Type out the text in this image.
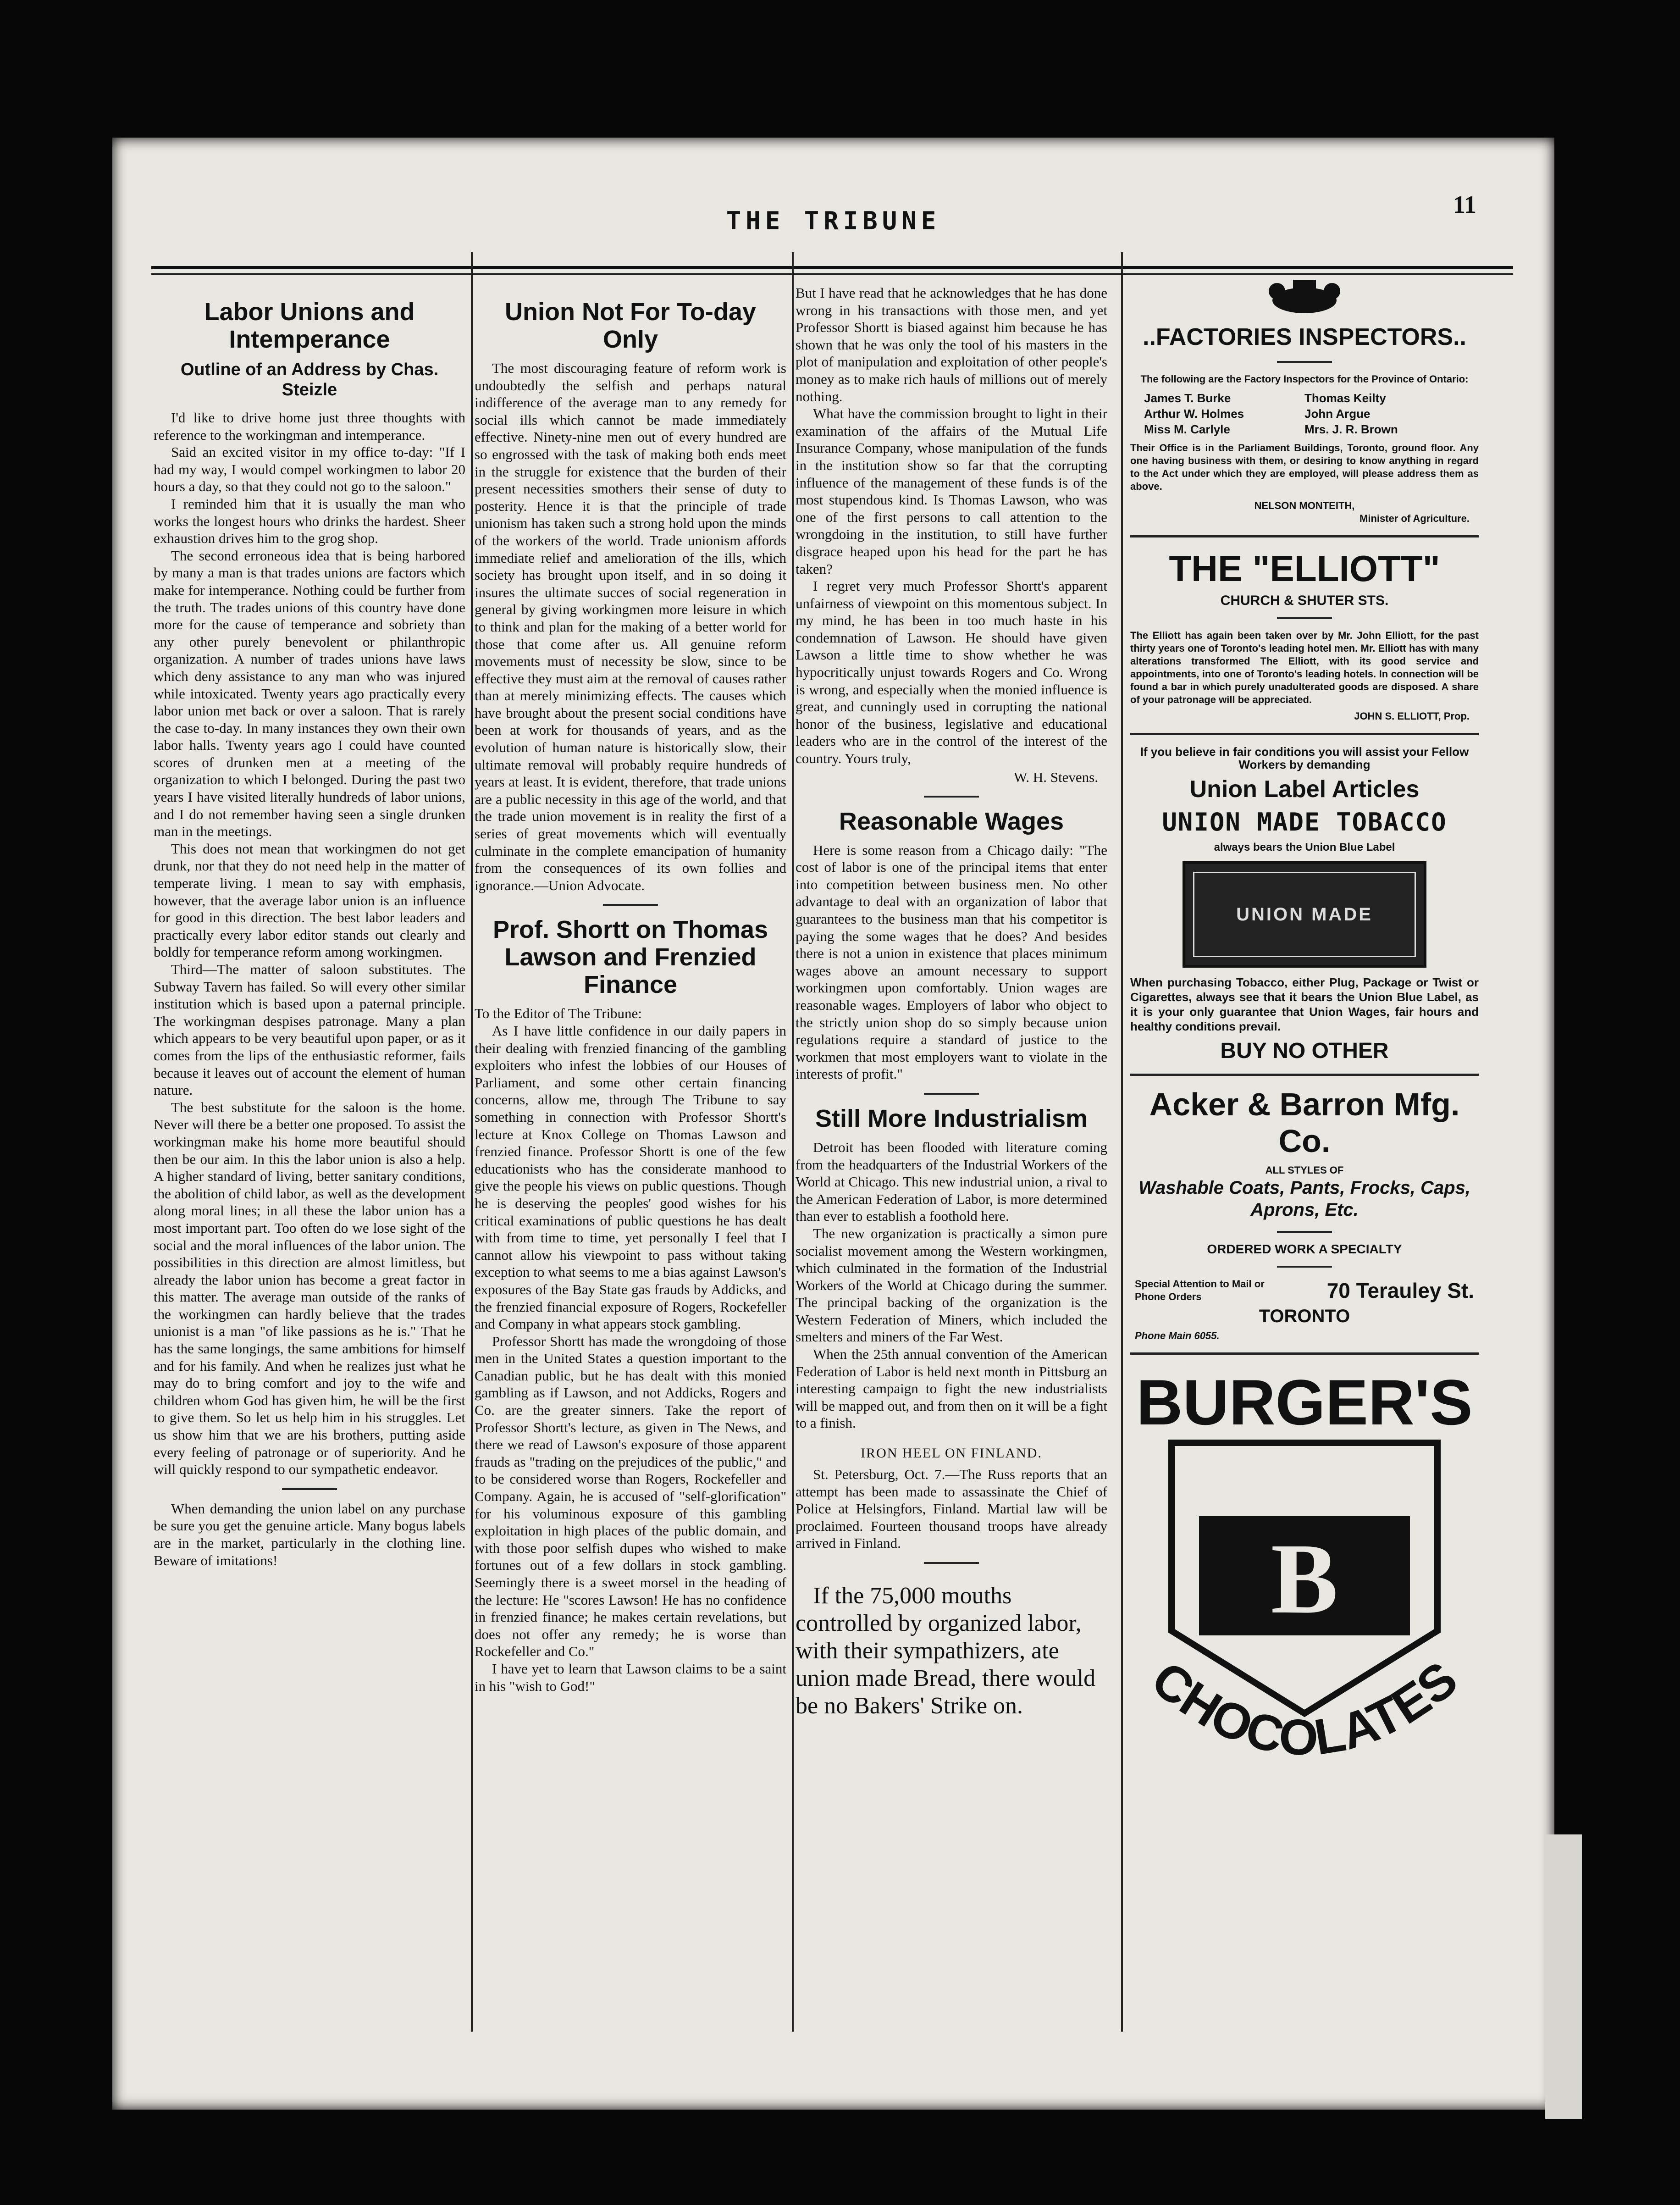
THE TRIBUNE
11
Labor Unions and Intemperance
Outline of an Address by Chas. Steizle

I'd like to drive home just three thoughts with reference to the workingman and intemperance.

Said an excited visitor in my office to-day: "If I had my way, I would compel workingmen to labor 20 hours a day, so that they could not go to the saloon."

I reminded him that it is usually the man who works the longest hours who drinks the hardest. Sheer exhaustion drives him to the grog shop.

The second erroneous idea that is being harbored by many a man is that trades unions are factors which make for intemperance. Nothing could be further from the truth. The trades unions of this country have done more for the cause of temperance and sobriety than any other purely benevolent or philanthropic organization. A number of trades unions have laws which deny assistance to any man who was injured while intoxicated. Twenty years ago practically every labor union met back or over a saloon. That is rarely the case to-day. In many instances they own their own labor halls. Twenty years ago I could have counted scores of drunken men at a meeting of the organization to which I belonged. During the past two years I have visited literally hundreds of labor unions, and I do not remember having seen a single drunken man in the meetings.

This does not mean that workingmen do not get drunk, nor that they do not need help in the matter of temperate living. I mean to say with emphasis, however, that the average labor union is an influence for good in this direction. The best labor leaders and practically every labor editor stands out clearly and boldly for temperance reform among workingmen.

Third—The matter of saloon substitutes. The Subway Tavern has failed. So will every other similar institution which is based upon a paternal principle. The workingman despises patronage. Many a plan which appears to be very beautiful upon paper, or as it comes from the lips of the enthusiastic reformer, fails because it leaves out of account the element of human nature.

The best substitute for the saloon is the home. Never will there be a better one proposed. To assist the workingman make his home more beautiful should then be our aim. In this the labor union is also a help. A higher standard of living, better sanitary conditions, the abolition of child labor, as well as the development along moral lines; in all these the labor union has a most important part. Too often do we lose sight of the social and the moral influences of the labor union. The possibilities in this direction are almost limitless, but already the labor union has become a great factor in this matter. The average man outside of the ranks of the workingmen can hardly believe that the trades unionist is a man "of like passions as he is." That he has the same longings, the same ambitions for himself and for his family. And when he realizes just what he may do to bring comfort and joy to the wife and children whom God has given him, he will be the first to give them. So let us help him in his struggles. Let us show him that we are his brothers, putting aside every feeling of patronage or of superiority. And he will quickly respond to our sympathetic endeavor.

When demanding the union label on any purchase be sure you get the genuine article. Many bogus labels are in the market, particularly in the clothing line. Beware of imitations!

Union Not For To-day Only

The most discouraging feature of reform work is undoubtedly the selfish and perhaps natural indifference of the average man to any remedy for social ills which cannot be made immediately effective. Ninety-nine men out of every hundred are so engrossed with the task of making both ends meet in the struggle for existence that the burden of their present necessities smothers their sense of duty to posterity. Hence it is that the principle of trade unionism has taken such a strong hold upon the minds of the workers of the world. Trade unionism affords immediate relief and amelioration of the ills, which society has brought upon itself, and in so doing it insures the ultimate succes of social regeneration in general by giving workingmen more leisure in which to think and plan for the making of a better world for those that come after us. All genuine reform movements must of necessity be slow, since to be effective they must aim at the removal of causes rather than at merely minimizing effects. The causes which have brought about the present social conditions have been at work for thousands of years, and as the evolution of human nature is historically slow, their ultimate removal will probably require hundreds of years at least. It is evident, therefore, that trade unions are a public necessity in this age of the world, and that the trade union movement is in reality the first of a series of great movements which will eventually culminate in the complete emancipation of humanity from the consequences of its own follies and ignorance.—Union Advocate.

Prof. Shortt on Thomas Lawson and Frenzied Finance

To the Editor of The Tribune:

As I have little confidence in our daily papers in their dealing with frenzied financing of the gambling exploiters who infest the lobbies of our Houses of Parliament, and some other certain financing concerns, allow me, through The Tribune to say something in connection with Professor Shortt's lecture at Knox College on Thomas Lawson and frenzied finance. Professor Shortt is one of the few educationists who has the considerate manhood to give the people his views on public questions. Though he is deserving the peoples' good wishes for his critical examinations of public questions he has dealt with from time to time, yet personally I feel that I cannot allow his viewpoint to pass without taking exception to what seems to me a bias against Lawson's exposures of the Bay State gas frauds by Addicks, and the frenzied financial exposure of Rogers, Rockefeller and Company in what appears stock gambling.

Professor Shortt has made the wrongdoing of those men in the United States a question important to the Canadian public, but he has dealt with this monied gambling as if Lawson, and not Addicks, Rogers and Co. are the greater sinners. Take the report of Professor Shortt's lecture, as given in The News, and there we read of Lawson's exposure of those apparent frauds as "trading on the prejudices of the public," and to be considered worse than Rogers, Rockefeller and Company. Again, he is accused of "self-glorification" for his voluminous exposure of this gambling exploitation in high places of the public domain, and with those poor selfish dupes who wished to make fortunes out of a few dollars in stock gambling. Seemingly there is a sweet morsel in the heading of the lecture: He "scores Lawson! He has no confidence in frenzied finance; he makes certain revelations, but does not offer any remedy; he is worse than Rockefeller and Co."

I have yet to learn that Lawson claims to be a saint in his "wish to God!"

But I have read that he acknowledges that he has done wrong in his transactions with those men, and yet Professor Shortt is biased against him because he has shown that he was only the tool of his masters in the plot of manipulation and exploitation of other people's money as to make rich hauls of millions out of merely nothing.

What have the commission brought to light in their examination of the affairs of the Mutual Life Insurance Company, whose manipulation of the funds in the institution show so far that the corrupting influence of the management of these funds is of the most stupendous kind. Is Thomas Lawson, who was one of the first persons to call attention to the wrongdoing in the institution, to still have further disgrace heaped upon his head for the part he has taken?

I regret very much Professor Shortt's apparent unfairness of viewpoint on this momentous subject. In my mind, he has been in too much haste in his condemnation of Lawson. He should have given Lawson a little time to show whether he was hypocritically unjust towards Rogers and Co. Wrong is wrong, and especially when the monied influence is great, and cunningly used in corrupting the national honor of the business, legislative and educational leaders who are in the control of the interest of the country. Yours truly,

W. H. Stevens.
Reasonable Wages

Here is some reason from a Chicago daily: "The cost of labor is one of the principal items that enter into competition between business men. No other advantage to deal with an organization of labor that guarantees to the business man that his competitor is paying the some wages that he does? And besides there is not a union in existence that places minimum wages above an amount necessary to support workingmen upon comfortably. Union wages are reasonable wages. Employers of labor who object to the strictly union shop do so simply because union regulations require a standard of justice to the workmen that most employers want to violate in the interests of profit."

Still More Industrialism

Detroit has been flooded with literature coming from the headquarters of the Industrial Workers of the World at Chicago. This new industrial union, a rival to the American Federation of Labor, is more determined than ever to establish a foothold here.

The new organization is practically a simon pure socialist movement among the Western workingmen, which culminated in the formation of the Industrial Workers of the World at Chicago during the summer. The principal backing of the organization is the Western Federation of Miners, which included the smelters and miners of the Far West.

When the 25th annual convention of the American Federation of Labor is held next month in Pittsburg an interesting campaign to fight the new industrialists will be mapped out, and from then on it will be a fight to a finish.

IRON HEEL ON FINLAND.

St. Petersburg, Oct. 7.—The Russ reports that an attempt has been made to assassinate the Chief of Police at Helsingfors, Finland. Martial law will be proclaimed. Fourteen thousand troops have already arrived in Finland.

If the 75,000 mouths controlled by organized labor, with their sympathizers, ate union made Bread, there would be no Bakers' Strike on.

..FACTORIES INSPECTORS..
The following are the Factory Inspectors for the Province of Ontario:
James T. Burke	Thomas Keilty
Arthur W. Holmes	John Argue
Miss M. Carlyle	Mrs. J. R. Brown
Their Office is in the Parliament Buildings, Toronto, ground floor. Any one having business with them, or desiring to know anything in regard to the Act under which they are employed, will please address them as above.
NELSON MONTEITH,
Minister of Agriculture.
THE "ELLIOTT"
CHURCH & SHUTER STS.
The Elliott has again been taken over by Mr. John Elliott, for the past thirty years one of Toronto's leading hotel men. Mr. Elliott has with many alterations transformed The Elliott, with its good service and appointments, into one of Toronto's leading hotels. In connection will be found a bar in which purely unadulterated goods are disposed. A share of your patronage will be appreciated.
JOHN S. ELLIOTT, Prop.
If you believe in fair conditions you will assist your Fellow Workers by demanding
Union Label Articles
UNION MADE TOBACCO
always bears the Union Blue Label
UNION MADE
When purchasing Tobacco, either Plug, Package or Twist or Cigarettes, always see that it bears the Union Blue Label, as it is your only guarantee that Union Wages, fair hours and healthy conditions prevail.
BUY NO OTHER
Acker & Barron Mfg. Co.
ALL STYLES OF
Washable Coats, Pants, Frocks, Caps, Aprons, Etc.
ORDERED WORK A SPECIALTY
Special Attention to Mail or Phone Orders	70 Terauley St.
TORONTO
Phone Main 6055.
BURGER'S
B
CHOCOLATES
